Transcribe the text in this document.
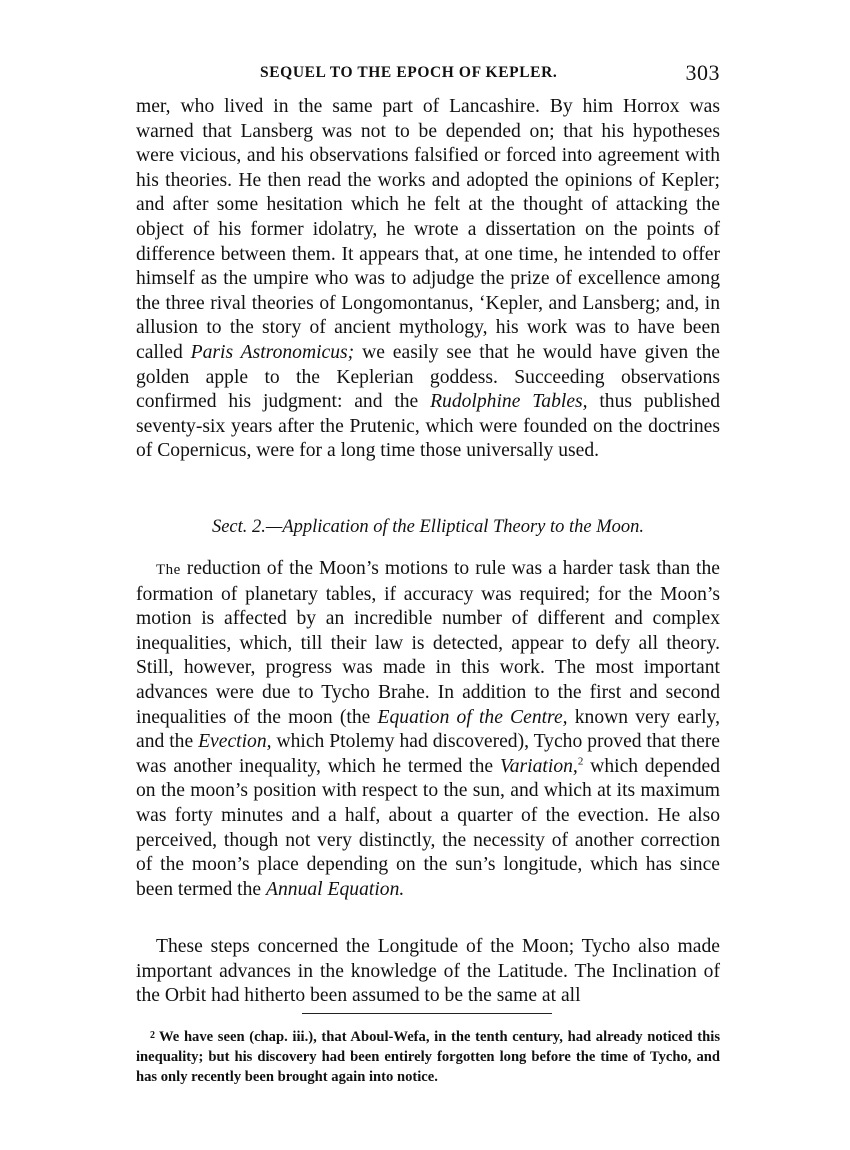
SEQUEL TO THE EPOCH OF KEPLER.	303

mer, who lived in the same part of Lancashire. By him Horrox was warned that Lansberg was not to be depended on; that his hypotheses were vicious, and his observations falsified or forced into agreement with his theories. He then read the works and adopted the opinions of Kepler; and after some hesitation which he felt at the thought of attacking the object of his former idolatry, he wrote a dissertation on the points of difference between them. It appears that, at one time, he intended to offer himself as the umpire who was to adjudge the prize of excellence among the three rival theories of Longomontanus, ‘Kepler, and Lansberg; and, in allusion to the story of ancient mythology, his work was to have been called Paris Astronomicus; we easily see that he would have given the golden apple to the Keplerian goddess. Succeeding observations confirmed his judgment: and the Rudolphine Tables, thus published seventy-six years after the Prutenic, which were founded on the doctrines of Copernicus, were for a long time those universally used.

Sect. 2.—Application of the Elliptical Theory to the Moon.

The reduction of the Moon’s motions to rule was a harder task than the formation of planetary tables, if accuracy was required; for the Moon’s motion is affected by an incredible number of different and complex inequalities, which, till their law is detected, appear to defy all theory. Still, however, progress was made in this work. The most important advances were due to Tycho Brahe. In addition to the first and second inequalities of the moon (the Equation of the Centre, known very early, and the Evection, which Ptolemy had discovered), Tycho proved that there was another inequality, which he termed the Variation,$^2$ which depended on the moon’s position with respect to the sun, and which at its maximum was forty minutes and a half, about a quarter of the evection. He also perceived, though not very distinctly, the necessity of another correction of the moon’s place depending on the sun’s longitude, which has since been termed the Annual Equation.

These steps concerned the Longitude of the Moon; Tycho also made important advances in the knowledge of the Latitude. The Inclination of the Orbit had hitherto been assumed to be the same at all

$^2$ We have seen (chap. iii.), that Aboul-Wefa, in the tenth century, had already noticed this inequality; but his discovery had been entirely forgotten long before the time of Tycho, and has only recently been brought again into notice.
